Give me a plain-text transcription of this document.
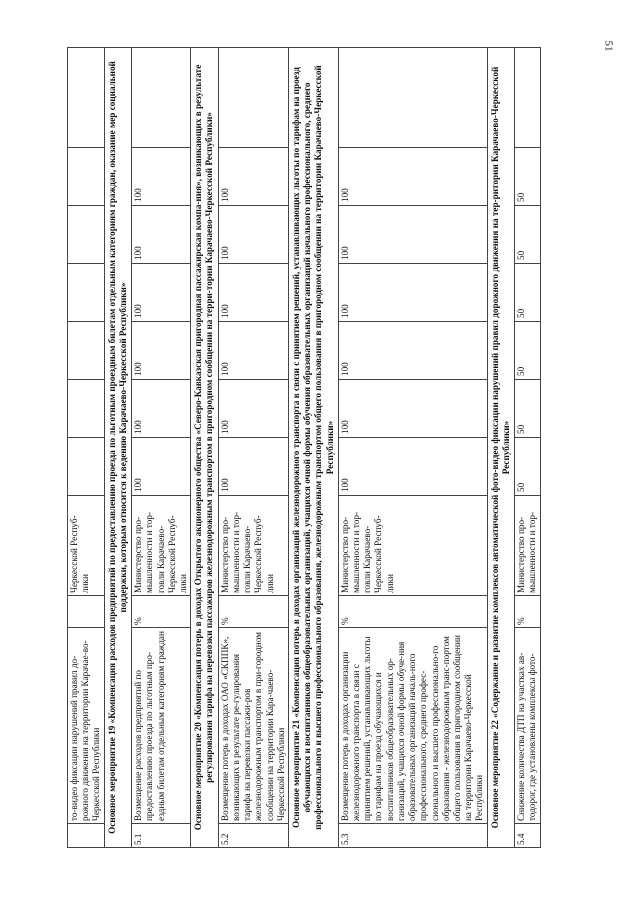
51
	то-видео фиксации нарушений правил до-рожного движения на территории Карачае-во-Черкесской Республики		Черкесской Респуб-лики							
Основное мероприятие 19 «Компенсация расходов предприятий по предоставлению проезда по льготным проездным билетам отдельным категориям граждан, оказание мер социальной поддержки, которым относится к ведению Карачаево-Черкесской Республики»										
5.1	Возмещение расходов предприятий по предоставлению проезда по льготным про-ездным билетам отдельным категориям граждан	%	Министерство про-мышленности и тор-говли Карачаево-Черкесской Респуб-лики	100	100	100	100	100	100	
Основное мероприятие 20 «Компенсация потерь в доходах Открытого акционерного общества «Северо-Кавказская пригородная пассажирская компа-ния», возникающих в результате регулирования тарифа на перевозки пассажиров железнодорожным транспортом в пригородном сообщении на терри-тории Карачаево-Черкесской Республики»										
5.2	Возмещение потерь в доходах ОАО «СКППК», возникающих в результате ре-гулирования тарифа на перевозки пассажи-ров железнодорожным транспортом в при-городном сообщении на территории Кара-чаево-Черкесской Республики	%	Министерство про-мышленности и тор-говли Карачаево-Черкесской Респуб-лики	100	100	100	100	100	100	
Основное мероприятие 21 «Компенсация потерь в доходах организаций железнодорожного транспорта в связи с принятием решений, устанавливающих льготы по тарифам на проезд обучающихся и воспитанников общеобразовательных организаций, учащихся очной формы обучения образовательных организаций начального профессионального, среднего профессионального и высшего профессионального образования, железнодорожным транспортом общего пользования в пригородном сообщении на территории Карачаево-Черкесской Республики»										
5.3	Возмещение потерь в доходах организации железнодорожного транспорта в связи с принятием решений, устанавливающих льготы по тарифам на проезд обучающихся и воспитанников общеобразовательных ор-ганизаций, учащихся очной формы обуче-ния образовательных организаций началь-ного профессионального, среднего профес-сионального и высшего профессионально-го образования - железнодорожным транс-портом общего пользования в пригородном сообщении на территории Карачаево-Черкесской Республики	%	Министерство про-мышленности и тор-говли Карачаево-Черкесской Респуб-лики	100	100	100	100	100	100	
Основное мероприятие 22 «Содержание и развитие комплексов автоматической фото-видео фиксации нарушений правил дорожного движения на тер-ритории Карачаево-Черкесской Республики»										
5.4	Снижение количества ДТП на участках ав-тодорог, где установлены комплексы фото-	%	Министерство про-мышленности и тор-	50	50	50	50	50	50	
